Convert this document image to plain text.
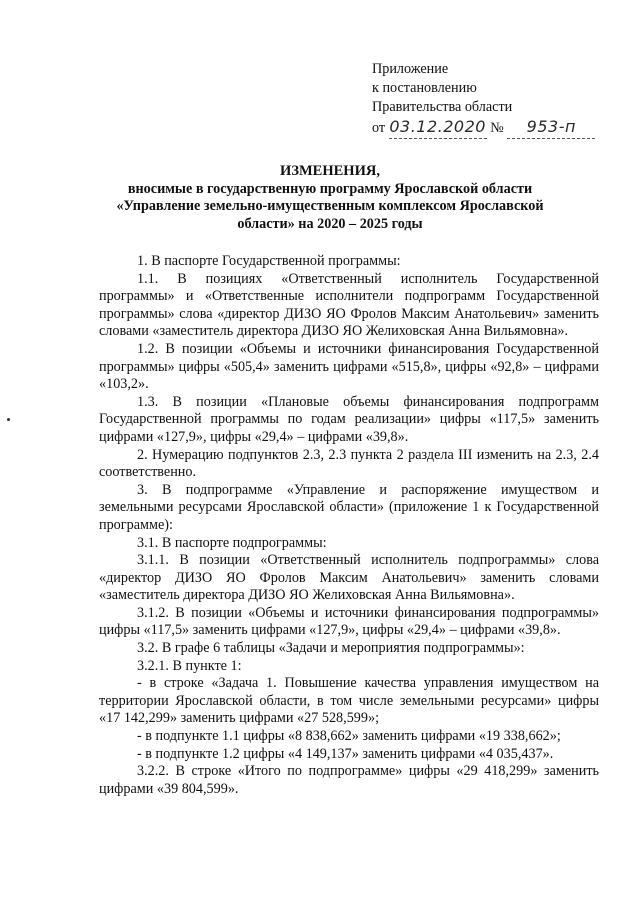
Приложение
к постановлению
Правительства области
от 03.12.2020 № 953-п
ИЗМЕНЕНИЯ,
вносимые в государственную программу Ярославской области
«Управление земельно-имущественным комплексом Ярославской
области» на 2020 – 2025 годы

1. В паспорте Государственной программы:

1.1. В позициях «Ответственный исполнитель Государственной программы» и «Ответственные исполнители подпрограмм Государственной программы» слова «директор ДИЗО ЯО Фролов Максим Анатольевич» заменить словами «заместитель директора ДИЗО ЯО Желиховская Анна Вильямовна».

1.2. В позиции «Объемы и источники финансирования Государственной программы» цифры «505,4» заменить цифрами «515,8», цифры «92,8» – цифрами «103,2».

1.3. В позиции «Плановые объемы финансирования подпрограмм Государственной программы по годам реализации» цифры «117,5» заменить цифрами «127,9», цифры «29,4» – цифрами «39,8».

2. Нумерацию подпунктов 2.3, 2.3 пункта 2 раздела III изменить на 2.3, 2.4 соответственно.

3. В подпрограмме «Управление и распоряжение имуществом и земельными ресурсами Ярославской области» (приложение 1 к Государственной программе):

3.1. В паспорте подпрограммы:

3.1.1. В позиции «Ответственный исполнитель подпрограммы» слова «директор ДИЗО ЯО Фролов Максим Анатольевич» заменить словами «заместитель директора ДИЗО ЯО Желиховская Анна Вильямовна».

3.1.2. В позиции «Объемы и источники финансирования подпрограммы» цифры «117,5» заменить цифрами «127,9», цифры «29,4» – цифрами «39,8».

3.2. В графе 6 таблицы «Задачи и мероприятия подпрограммы»:

3.2.1. В пункте 1:

- в строке «Задача 1. Повышение качества управления имуществом на территории Ярославской области, в том числе земельными ресурсами» цифры «17 142,299» заменить цифрами «27 528,599»;

- в подпункте 1.1 цифры «8 838,662» заменить цифрами «19 338,662»;

- в подпункте 1.2 цифры «4 149,137» заменить цифрами «4 035,437».

3.2.2. В строке «Итого по подпрограмме» цифры «29 418,299» заменить цифрами «39 804,599».
